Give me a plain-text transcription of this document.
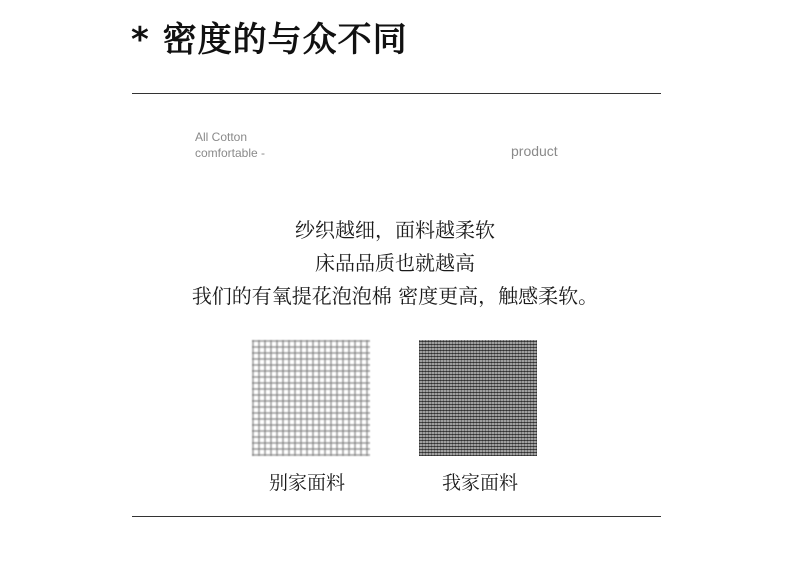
* 密度的与众不同
All Cotton
comfortable -	product
纱织越细，面料越柔软
床品品质也就越高
我们的有氧提花泡泡棉 密度更高，触感柔软。
别家面料	我家面料
